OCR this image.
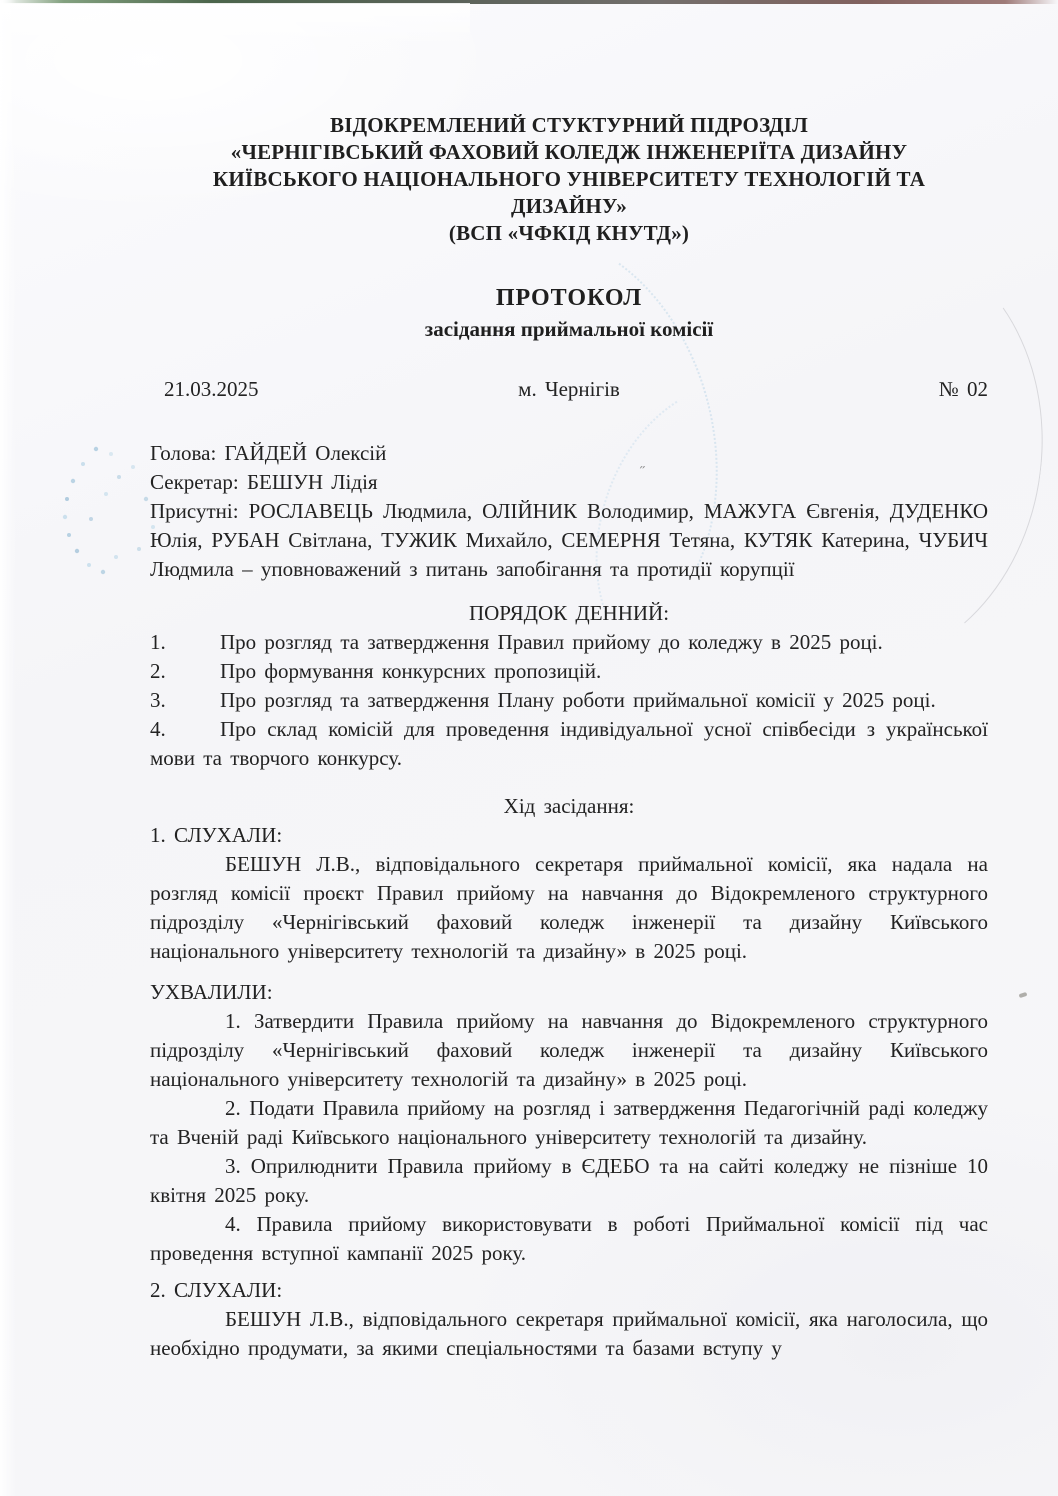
˶
ВІДОКРЕМЛЕНИЙ СТУКТУРНИЙ ПІДРОЗДІЛ
«ЧЕРНІГІВСЬКИЙ ФАХОВИЙ КОЛЕДЖ ІНЖЕНЕРІЇТА ДИЗАЙНУ
КИЇВСЬКОГО НАЦІОНАЛЬНОГО УНІВЕРСИТЕТУ ТЕХНОЛОГІЙ ТА
ДИЗАЙНУ»
(ВСП «ЧФКІД КНУТД»)
ПРОТОКОЛ
засідання приймальної комісії
21.03.2025	м. Чернігів	№ 02

Голова: ГАЙДЕЙ Олексій

Секретар: БЕШУН Лідія

Присутні: РОСЛАВЕЦЬ Людмила, ОЛІЙНИК Володимир, МАЖУГА Євгенія, ДУДЕНКО Юлія, РУБАН Світлана, ТУЖИК Михайло, СЕМЕРНЯ Тетяна, КУТЯК Катерина, ЧУБИЧ Людмила – уповноважений з питань запобігання та протидії корупції

ПОРЯДОК ДЕННИЙ:

1.	Про розгляд та затвердження Правил прийому до коледжу в 2025 році.

2.	Про формування конкурсних пропозицій.

3.	Про розгляд та затвердження Плану роботи приймальної комісії у 2025 році.

4.	Про склад комісій для проведення індивідуальної усної співбесіди з української мови та творчого конкурсу.

Хід засідання:
1. СЛУХАЛИ:

БЕШУН Л.В., відповідального секретаря приймальної комісії, яка надала на розгляд комісії проєкт Правил прийому на навчання до Відокремленого структурного підрозділу «Чернігівський фаховий коледж інженерії та дизайну Київського національного університету технологій та дизайну» в 2025 році.

УХВАЛИЛИ:

1. Затвердити Правила прийому на навчання до Відокремленого структурного підрозділу «Чернігівський фаховий коледж інженерії та дизайну Київського національного університету технологій та дизайну» в 2025 році.

2. Подати Правила прийому на розгляд і затвердження Педагогічній раді коледжу та Вченій раді Київського національного університету технологій та дизайну.

3. Оприлюднити Правила прийому в ЄДЕБО та на сайті коледжу не пізніше 10 квітня 2025 року.

4. Правила прийому використовувати в роботі Приймальної комісії під час проведення вступної кампанії 2025 року.

2. СЛУХАЛИ:

БЕШУН Л.В., відповідального секретаря приймальної комісії, яка наголосила, що необхідно продумати, за якими спеціальностями та базами вступу у
